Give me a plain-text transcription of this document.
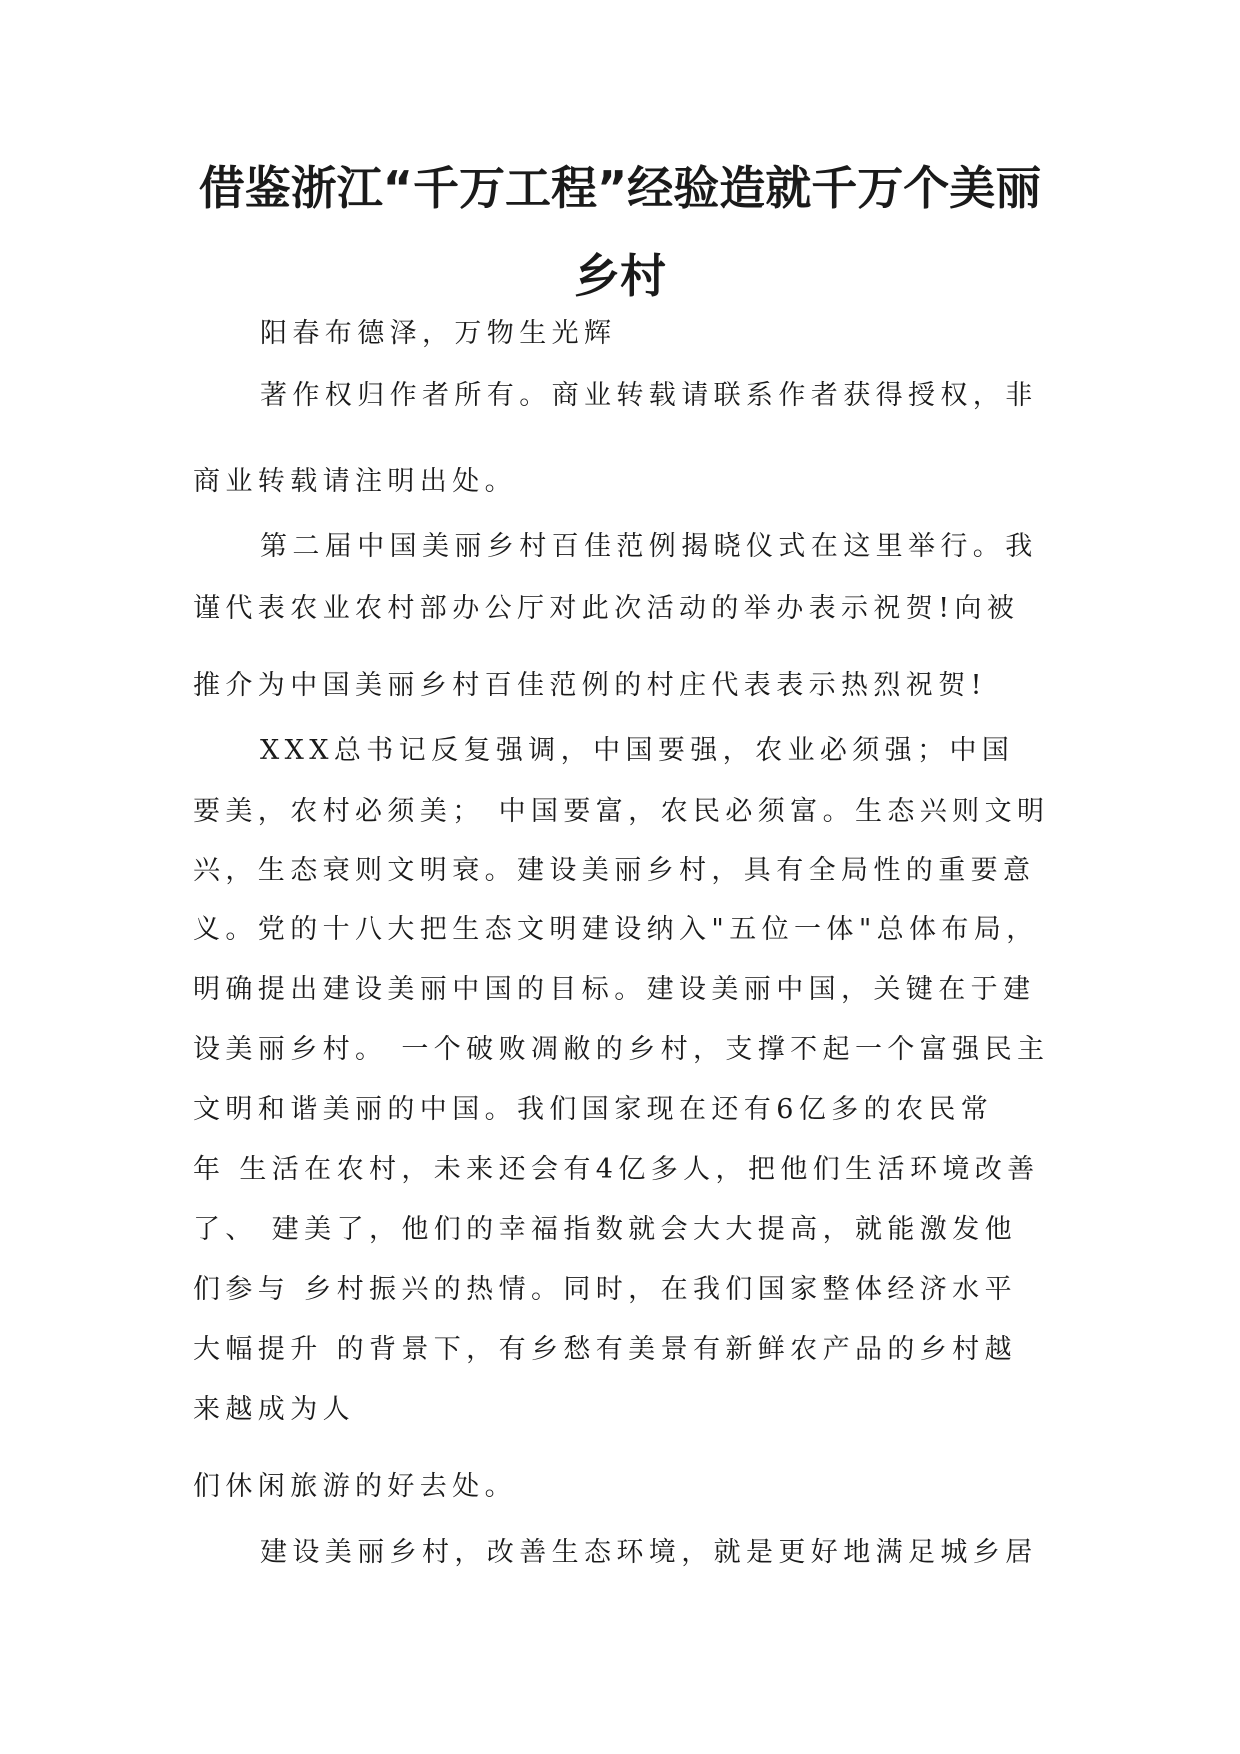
借鉴浙江“千万工程”经验造就千万个美丽
乡村

阳春布德泽，万物生光辉

著作权归作者所有。商业转载请联系作者获得授权，非

商业转载请注明出处。

第二届中国美丽乡村百佳范例揭晓仪式在这里举行。我

谨代表农业农村部办公厅对此次活动的举办表示祝贺!向被

推介为中国美丽乡村百佳范例的村庄代表表示热烈祝贺!

XXX总书记反复强调，中国要强，农业必须强；中国

要美，农村必须美； 中国要富，农民必须富。生态兴则文明

兴，生态衰则文明衰。建设美丽乡村，具有全局性的重要意

义。党的十八大把生态文明建设纳入"五位一体"总体布局，

明确提出建设美丽中国的目标。建设美丽中国，关键在于建

设美丽乡村。 一个破败凋敝的乡村，支撑不起一个富强民主

文明和谐美丽的中国。我们国家现在还有6亿多的农民常

年 生活在农村，未来还会有4亿多人，把他们生活环境改善

了、 建美了，他们的幸福指数就会大大提高，就能激发他

们参与 乡村振兴的热情。同时，在我们国家整体经济水平

大幅提升 的背景下，有乡愁有美景有新鲜农产品的乡村越

来越成为人

们休闲旅游的好去处。

建设美丽乡村，改善生态环境，就是更好地满足城乡居
